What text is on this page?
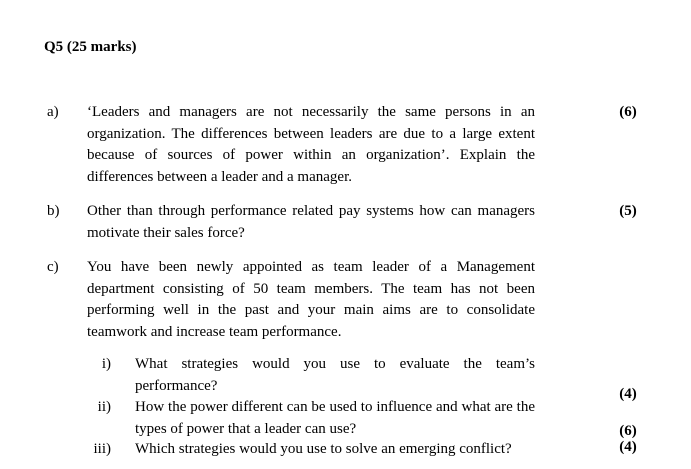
Q5 (25 marks)
a) ‘Leaders and managers are not necessarily the same persons in an organization. The differences between leaders are due to a large extent because of sources of power within an organization’. Explain the differences between a leader and a manager.
(6)
b) Other than through performance related pay systems how can managers motivate their sales force?
(5)
c) You have been newly appointed as team leader of a Management department consisting of 50 team members. The team has not been performing well in the past and your main aims are to consolidate teamwork and increase team performance.
i) What strategies would you use to evaluate the team’s performance?
(4)
ii) How the power different can be used to influence and what are the types of power that a leader can use?	(6)
iii) Which strategies would you use to solve an emerging conflict?	(4)
